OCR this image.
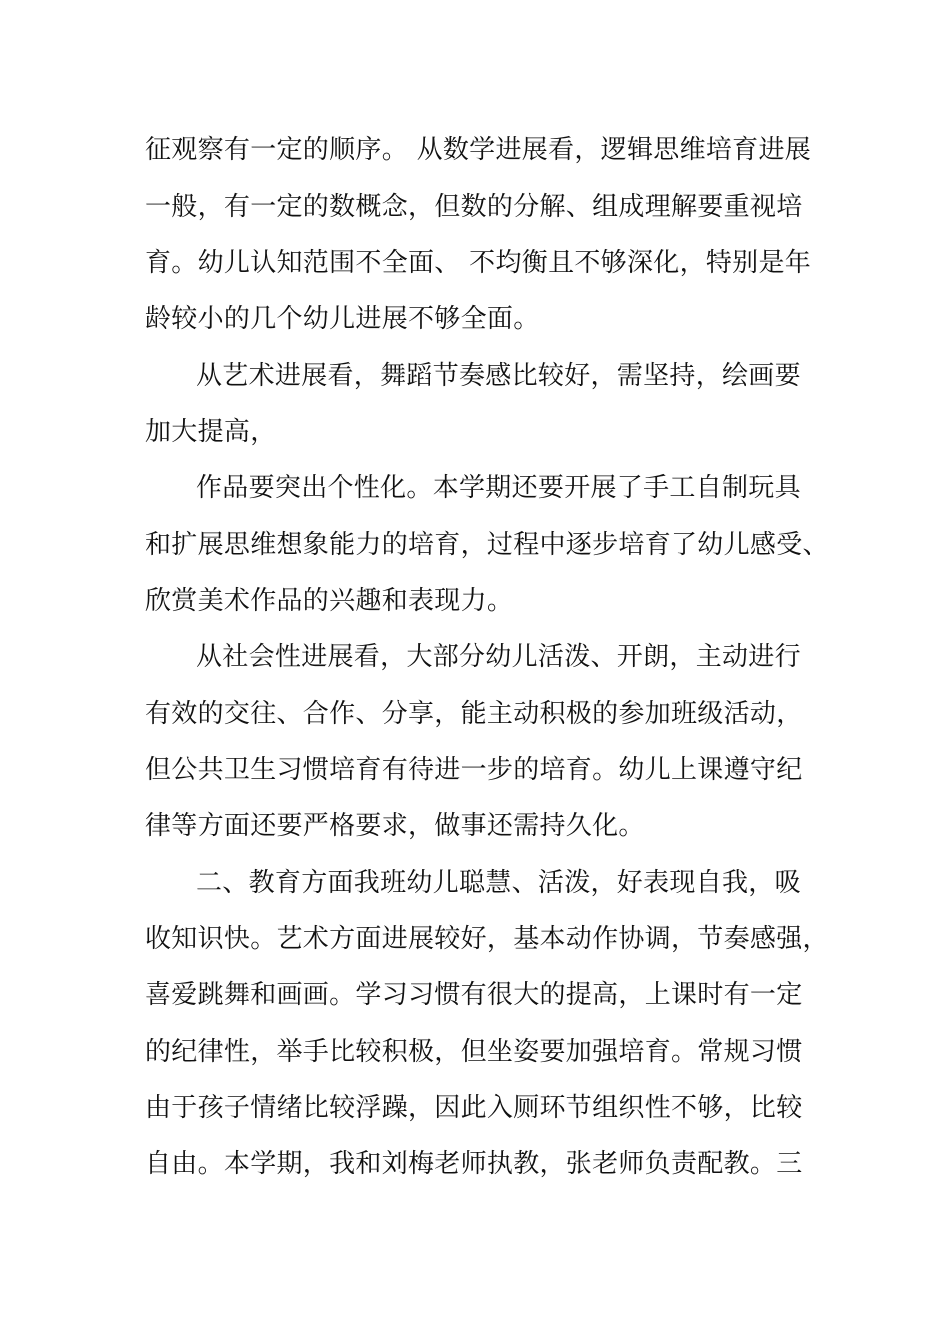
征观察有一定的顺序。 从数学进展看，逻辑思维培育进展
一般，有一定的数概念，但数的分解、组成理解要重视培
育。幼儿认知范围不全面、 不均衡且不够深化，特别是年
龄较小的几个幼儿进展不够全面。
从艺术进展看，舞蹈节奏感比较好，需坚持，绘画要
加大提高，
作品要突出个性化。本学期还要开展了手工自制玩具
和扩展思维想象能力的培育，过程中逐步培育了幼儿感受、
欣赏美术作品的兴趣和表现力。
从社会性进展看，大部分幼儿活泼、开朗，主动进行
有效的交往、合作、分享，能主动积极的参加班级活动，
但公共卫生习惯培育有待进一步的培育。幼儿上课遵守纪
律等方面还要严格要求，做事还需持久化。
二、教育方面我班幼儿聪慧、活泼，好表现自我，吸
收知识快。艺术方面进展较好，基本动作协调，节奏感强，
喜爱跳舞和画画。学习习惯有很大的提高，上课时有一定
的纪律性，举手比较积极，但坐姿要加强培育。常规习惯
由于孩子情绪比较浮躁，因此入厕环节组织性不够，比较
自由。本学期，我和刘梅老师执教，张老师负责配教。三
